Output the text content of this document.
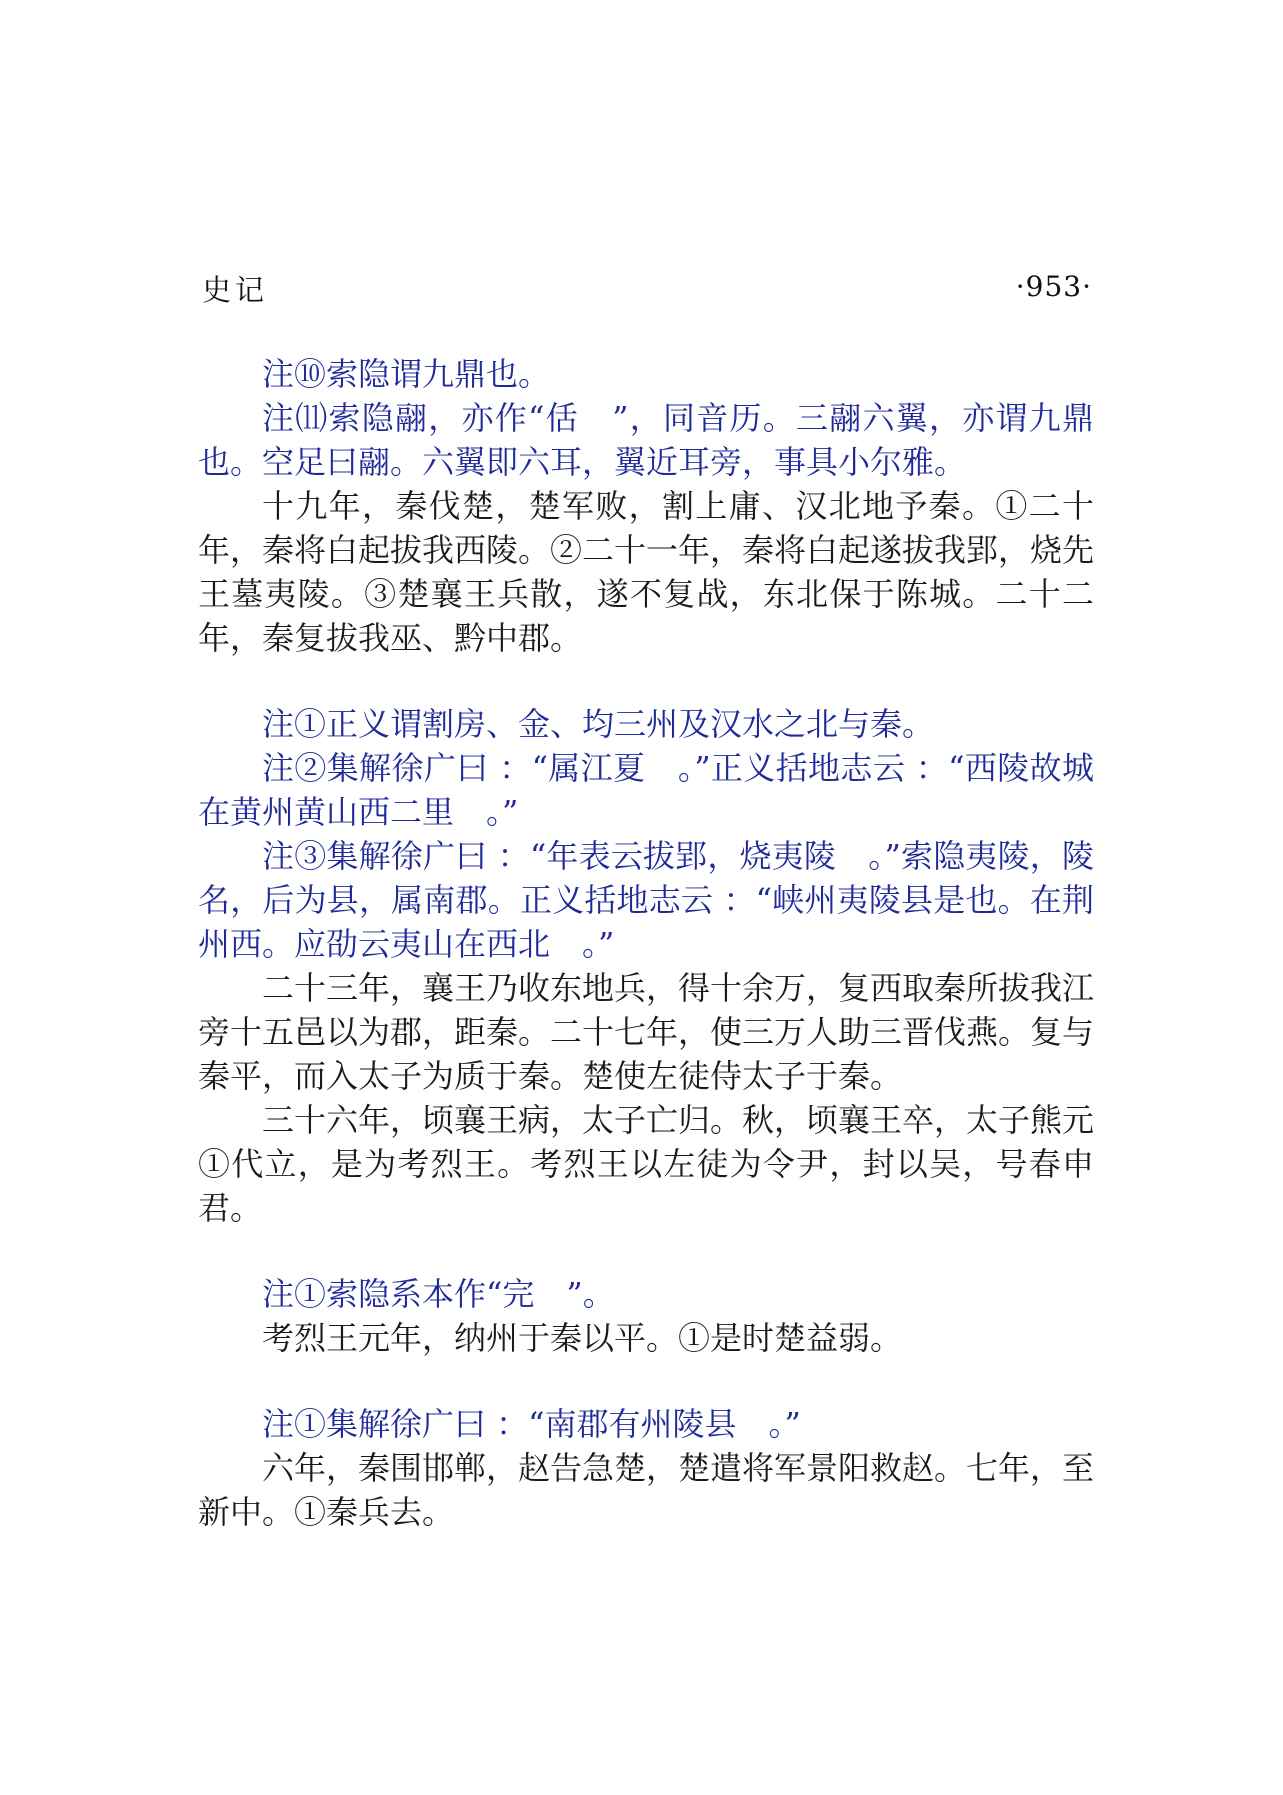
史记	·953·

注⑩索隐谓九鼎也。

注⑾索隐翮，亦作“佸　”，同音历。三翮六翼，亦谓九鼎也。空足曰翮。六翼即六耳，翼近耳旁，事具小尔雅。

十九年，秦伐楚，楚军败，割上庸、汉北地予秦。①二十年，秦将白起拔我西陵。②二十一年，秦将白起遂拔我郢，烧先王墓夷陵。③楚襄王兵散，遂不复战，东北保于陈城。二十二年，秦复拔我巫、黔中郡。

注①正义谓割房、金、均三州及汉水之北与秦。

注②集解徐广曰 ：“属江夏　。”正义括地志云 ：“西陵故城在黄州黄山西二里　。”

注③集解徐广曰 ：“年表云拔郢，烧夷陵　。”索隐夷陵，陵名，后为县，属南郡。正义括地志云 ：“峡州夷陵县是也。在荆州西。应劭云夷山在西北　。”

二十三年，襄王乃收东地兵，得十余万，复西取秦所拔我江旁十五邑以为郡，距秦。二十七年，使三万人助三晋伐燕。复与秦平，而入太子为质于秦。楚使左徒侍太子于秦。

三十六年，顷襄王病，太子亡归。秋，顷襄王卒，太子熊元①代立，是为考烈王。考烈王以左徒为令尹，封以吴，号春申君。

注①索隐系本作“完　”。

考烈王元年，纳州于秦以平。①是时楚益弱。

注①集解徐广曰 ：“南郡有州陵县　。”

六年，秦围邯郸，赵告急楚，楚遣将军景阳救赵。七年，至新中。①秦兵去。
